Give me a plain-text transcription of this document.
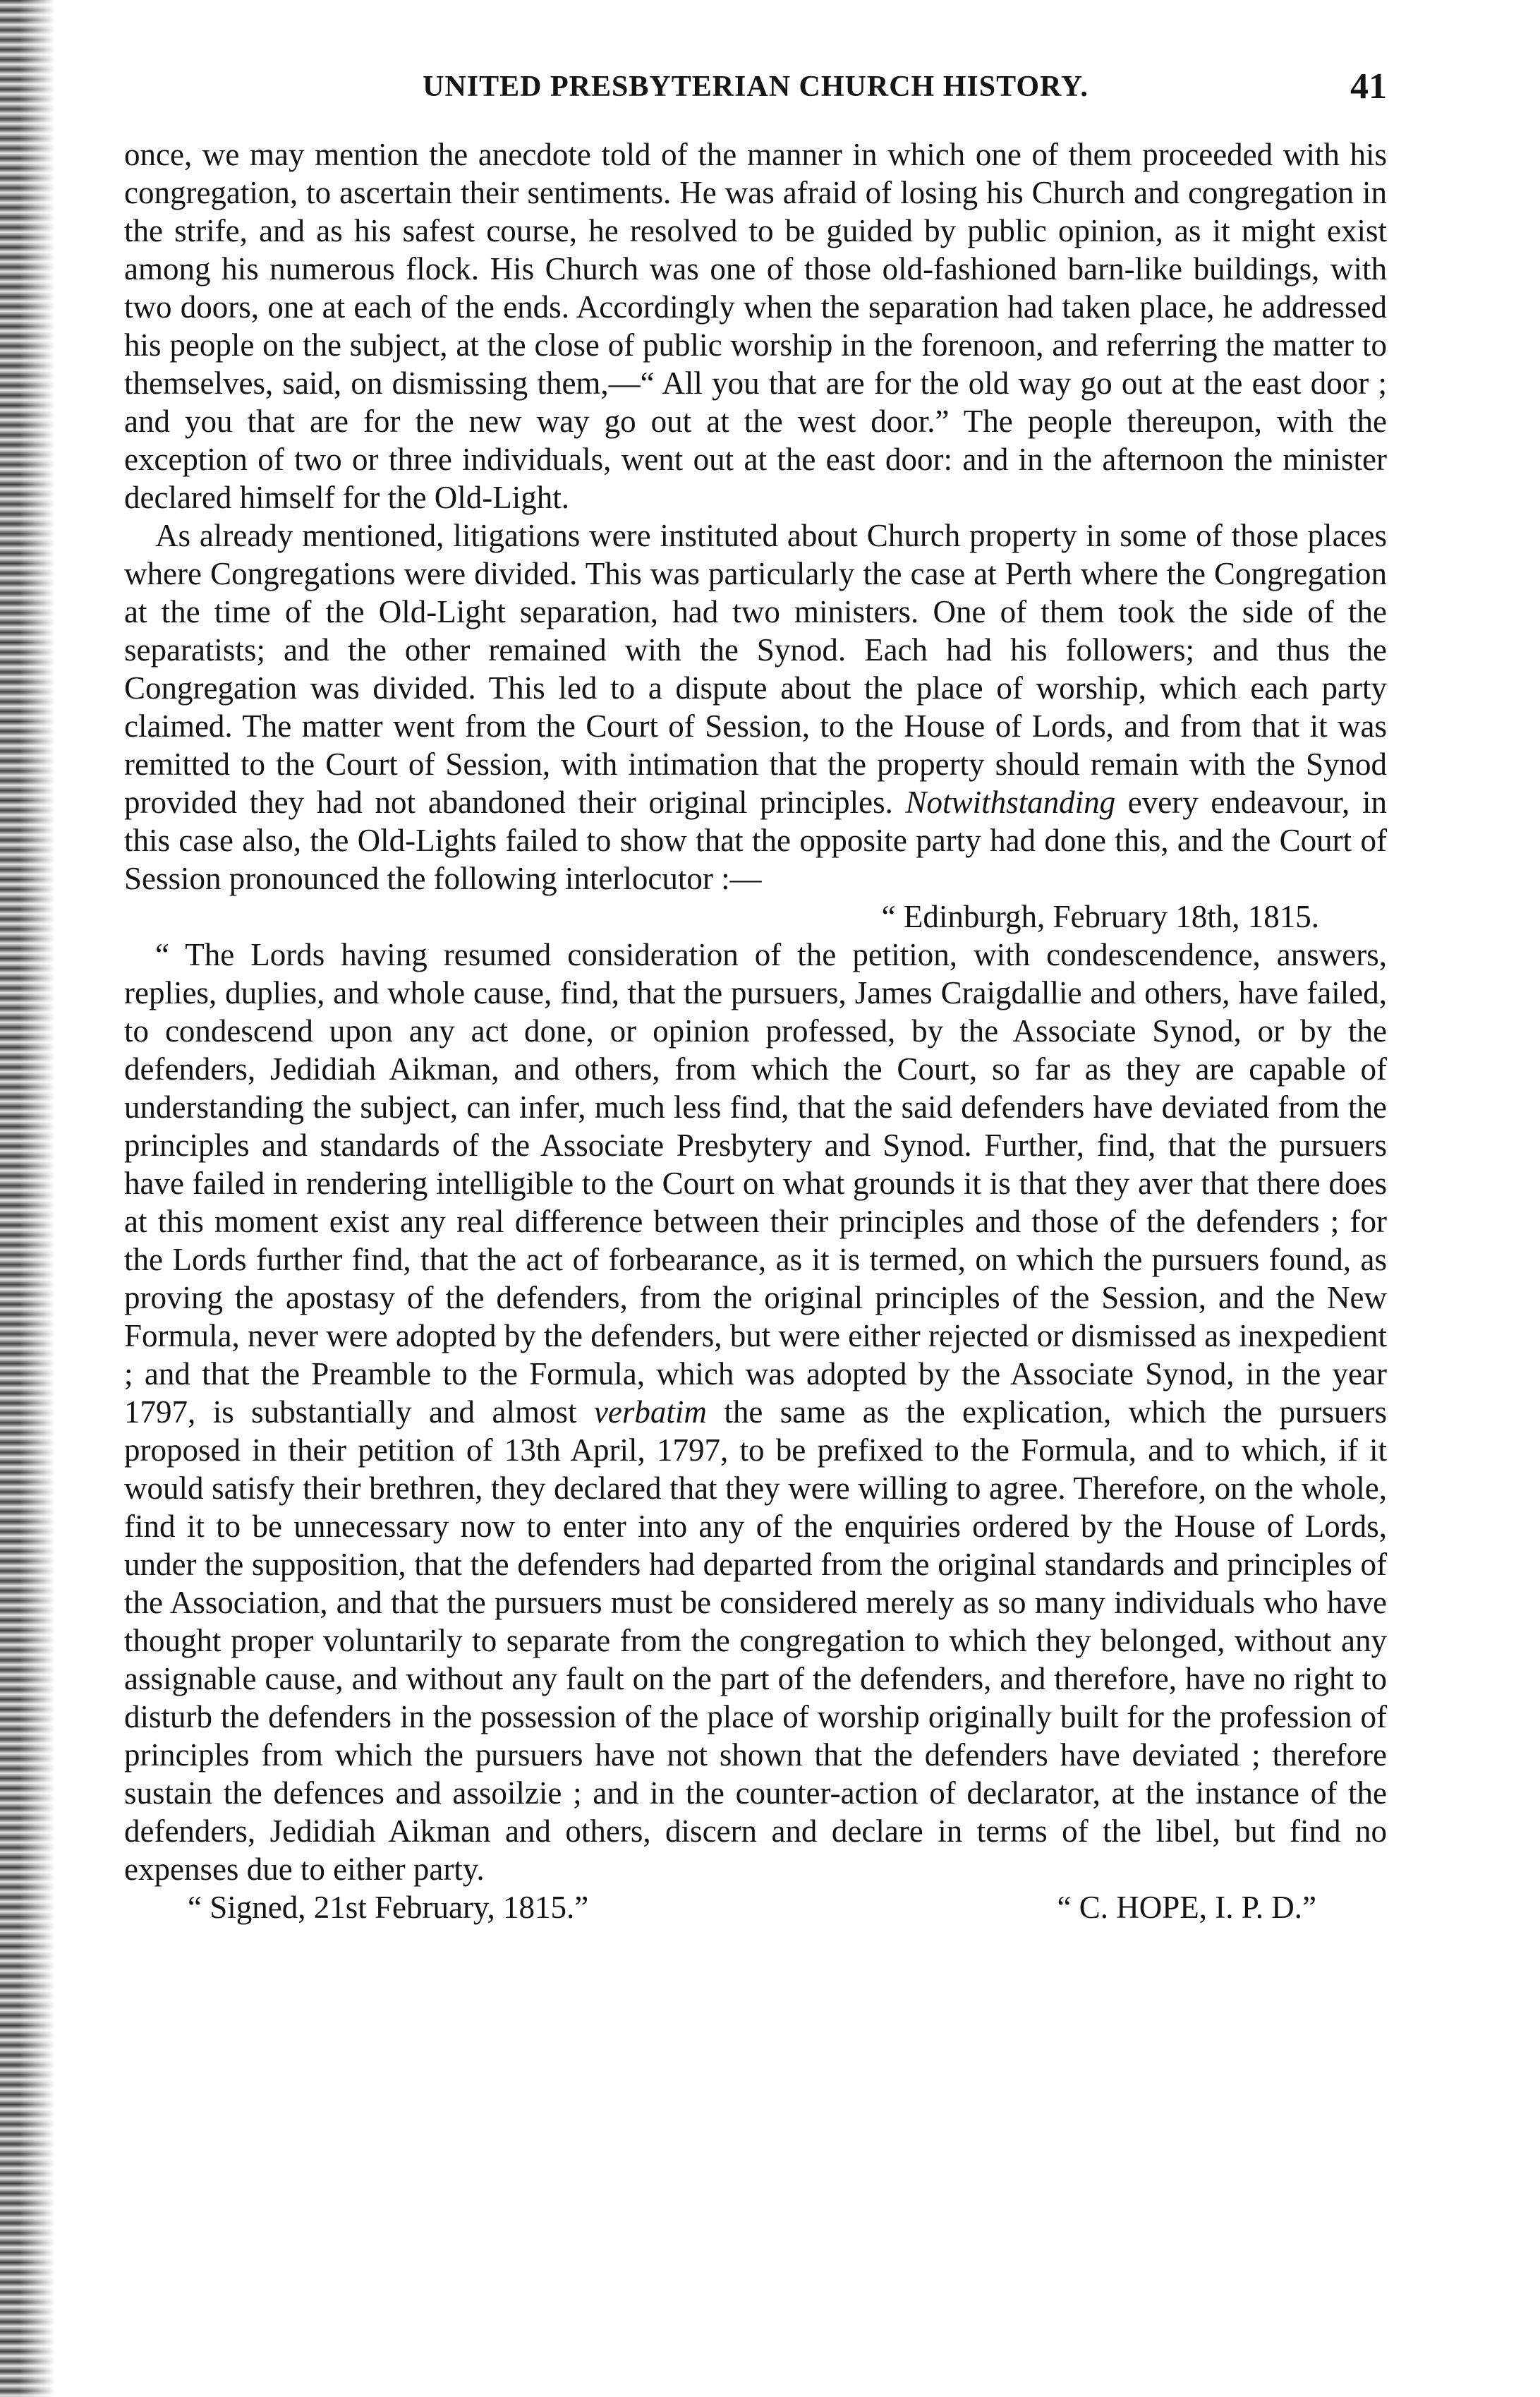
UNITED PRESBYTERIAN CHURCH HISTORY.	41

once, we may mention the anecdote told of the manner in which one of them proceeded with his congregation, to ascertain their sentiments. He was afraid of losing his Church and congregation in the strife, and as his safest course, he resolved to be guided by public opinion, as it might exist among his numerous flock. His Church was one of those old-fashioned barn-like buildings, with two doors, one at each of the ends. Accordingly when the separation had taken place, he addressed his people on the subject, at the close of public worship in the forenoon, and referring the matter to themselves, said, on dismissing them,—“ All you that are for the old way go out at the east door ; and you that are for the new way go out at the west door.” The people thereupon, with the exception of two or three individuals, went out at the east door: and in the afternoon the minister declared himself for the Old-Light.

As already mentioned, litigations were instituted about Church property in some of those places where Congregations were divided. This was particularly the case at Perth where the Congregation at the time of the Old-Light separation, had two ministers. One of them took the side of the separatists; and the other remained with the Synod. Each had his followers; and thus the Congregation was divided. This led to a dispute about the place of worship, which each party claimed. The matter went from the Court of Session, to the House of Lords, and from that it was remitted to the Court of Session, with intimation that the property should remain with the Synod provided they had not abandoned their original principles. Notwithstanding every endeavour, in this case also, the Old-Lights failed to show that the opposite party had done this, and the Court of Session pronounced the following interlocutor :—

“ Edinburgh, February 18th, 1815.

“ The Lords having resumed consideration of the petition, with condescendence, answers, replies, duplies, and whole cause, find, that the pursuers, James Craigdallie and others, have failed, to condescend upon any act done, or opinion professed, by the Associate Synod, or by the defenders, Jedidiah Aikman, and others, from which the Court, so far as they are capable of understanding the subject, can infer, much less find, that the said defenders have deviated from the principles and standards of the Associate Presbytery and Synod. Further, find, that the pursuers have failed in rendering intelligible to the Court on what grounds it is that they aver that there does at this moment exist any real difference between their principles and those of the defenders ; for the Lords further find, that the act of forbearance, as it is termed, on which the pursuers found, as proving the apostasy of the defenders, from the original principles of the Session, and the New Formula, never were adopted by the defenders, but were either rejected or dismissed as inexpedient ; and that the Preamble to the Formula, which was adopted by the Associate Synod, in the year 1797, is substantially and almost verbatim the same as the explication, which the pursuers proposed in their petition of 13th April, 1797, to be prefixed to the Formula, and to which, if it would satisfy their brethren, they declared that they were willing to agree. Therefore, on the whole, find it to be unnecessary now to enter into any of the enquiries ordered by the House of Lords, under the supposition, that the defenders had departed from the original standards and principles of the Association, and that the pursuers must be considered merely as so many individuals who have thought proper voluntarily to separate from the congregation to which they belonged, without any assignable cause, and without any fault on the part of the defenders, and therefore, have no right to disturb the defenders in the possession of the place of worship originally built for the profession of principles from which the pursuers have not shown that the defenders have deviated ; therefore sustain the defences and assoilzie ; and in the counter-action of declarator, at the instance of the defenders, Jedidiah Aikman and others, discern and declare in terms of the libel, but find no expenses due to either party.

“ Signed, 21st February, 1815.”	“ C. HOPE, I. P. D.”
